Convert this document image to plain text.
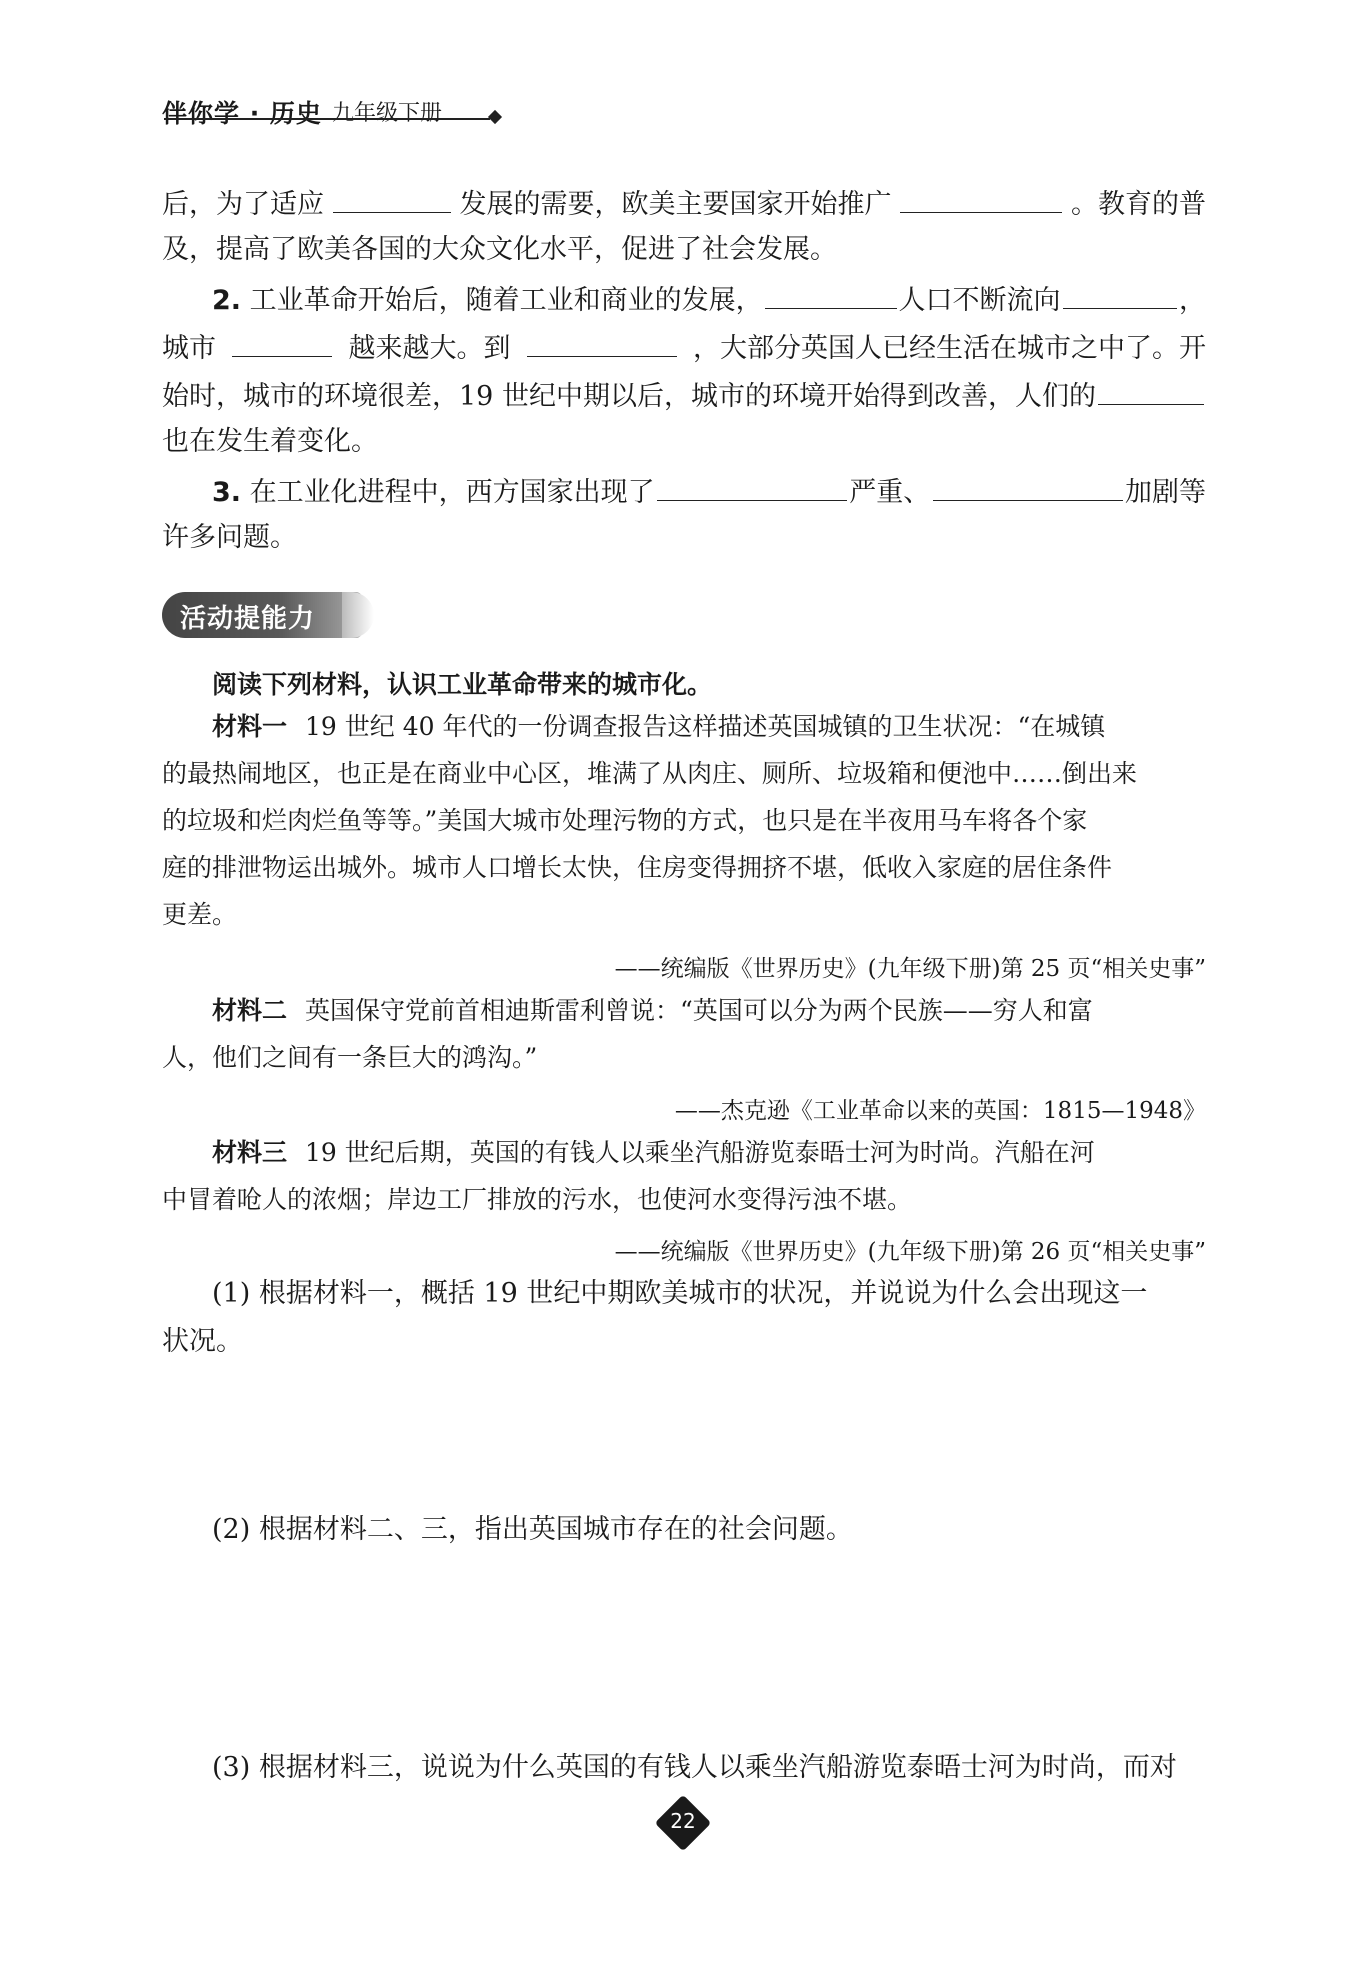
伴你学 · 历史 九年级下册
后，为了适应	发展的需要，欧美主要国家开始推广	。教育的普
及，提高了欧美各国的大众文化水平，促进了社会发展。
2. 工业革命开始后，随着工业和商业的发展，	人口不断流向	，
城市	越来越大。到	，大部分英国人已经生活在城市之中了。开
始时，城市的环境很差，19 世纪中期以后，城市的环境开始得到改善，人们的
也在发生着变化。
3. 在工业化进程中，西方国家出现了	严重、	加剧等
许多问题。
活动提能力
阅读下列材料，认识工业革命带来的城市化。
材料一 19 世纪 40 年代的一份调查报告这样描述英国城镇的卫生状况：“在城镇
的最热闹地区，也正是在商业中心区，堆满了从肉庄、厕所、垃圾箱和便池中……倒出来
的垃圾和烂肉烂鱼等等。”美国大城市处理污物的方式，也只是在半夜用马车将各个家
庭的排泄物运出城外。城市人口增长太快，住房变得拥挤不堪，低收入家庭的居住条件
更差。
——统编版《世界历史》(九年级下册)第 25 页“相关史事”
材料二 英国保守党前首相迪斯雷利曾说：“英国可以分为两个民族——穷人和富
人，他们之间有一条巨大的鸿沟。”
——杰克逊《工业革命以来的英国：1815—1948》
材料三 19 世纪后期，英国的有钱人以乘坐汽船游览泰晤士河为时尚。汽船在河
中冒着呛人的浓烟；岸边工厂排放的污水，也使河水变得污浊不堪。
——统编版《世界历史》(九年级下册)第 26 页“相关史事”
(1) 根据材料一，概括 19 世纪中期欧美城市的状况，并说说为什么会出现这一
状况。
(2) 根据材料二、三，指出英国城市存在的社会问题。
(3) 根据材料三，说说为什么英国的有钱人以乘坐汽船游览泰晤士河为时尚，而对
22
